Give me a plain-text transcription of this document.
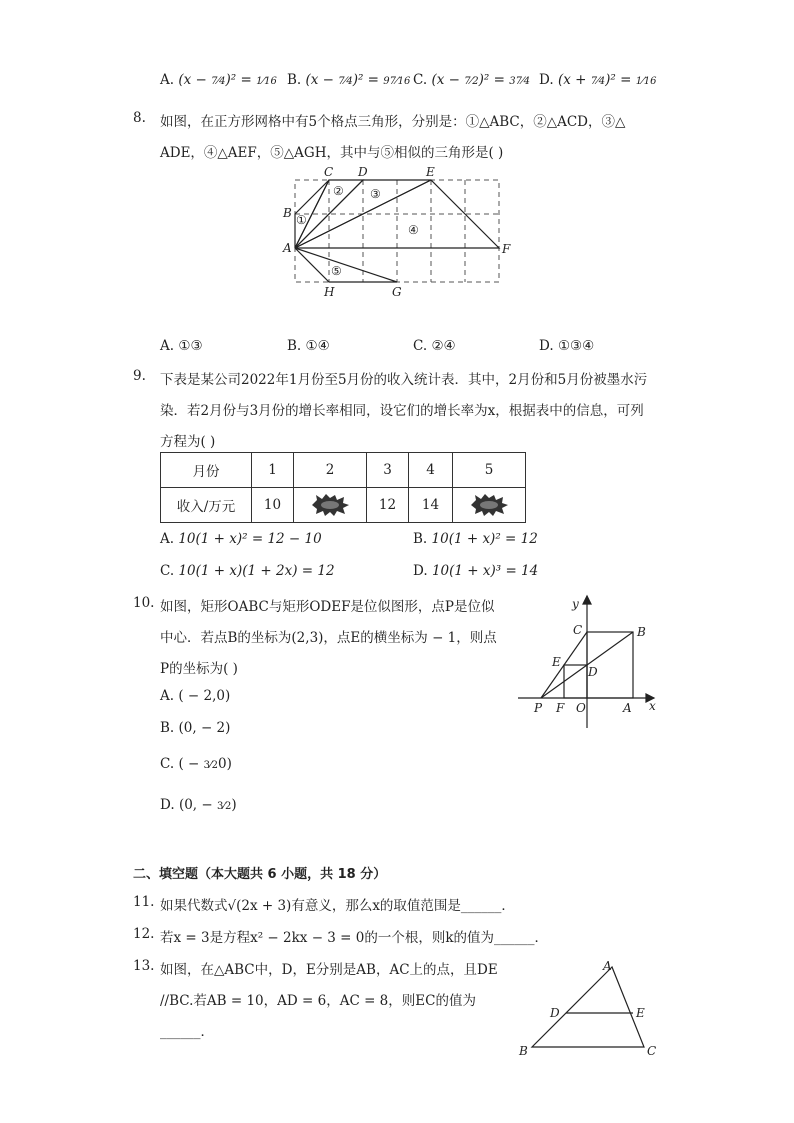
A. (x − 7⁄4)² = 1⁄16 B. (x − 7⁄4)² = 97⁄16 C. (x − 7⁄2)² = 37⁄4 D. (x + 7⁄4)² = 1⁄16
8. 如图，在正方形网格中有5个格点三角形，分别是：①△ABC，②△ACD，③△
ADE，④△AEF，⑤△AGH，其中与⑤相似的三角形是( )
A
B
C D	E
F
G
H
①
② ③
④
⑤
A. ①③	B. ①④	C. ②④	D. ①③④
9. 下表是某公司2022年1月份至5月份的收入统计表．其中，2月份和5月份被墨水污
染．若2月份与3月份的增长率相同，设它们的增长率为x，根据表中的信息，可列
方程为( )
月份	1	2	3	4	5
收入/万元	10		12	14	
A. 10(1 + x)² = 12 − 10	B. 10(1 + x)² = 12
C. 10(1 + x)(1 + 2x) = 12	D. 10(1 + x)³ = 14
10. 如图，矩形OABC与矩形ODEF是位似图形，点P是位似
中心．若点B的坐标为(2,3)，点E的横坐标为 − 1，则点
P的坐标为( )
A. ( − 2,0)
B. (0, − 2)
C. ( − 3⁄20)
D. (0, − 3⁄2)
B
C
E
D
P F O	A x
y
二、填空题（本大题共 6 小题，共 18 分）
11. 如果代数式√(2x + 3)有意义，那么x的取值范围是______．
12. 若x = 3是方程x² − 2kx − 3 = 0的一个根，则k的值为______．
13. 如图，在△ABC中，D，E分别是AB，AC上的点，且DE
//BC.若AB = 10，AD = 6，AC = 8，则EC的值为
______．
A
B	C
D	E
